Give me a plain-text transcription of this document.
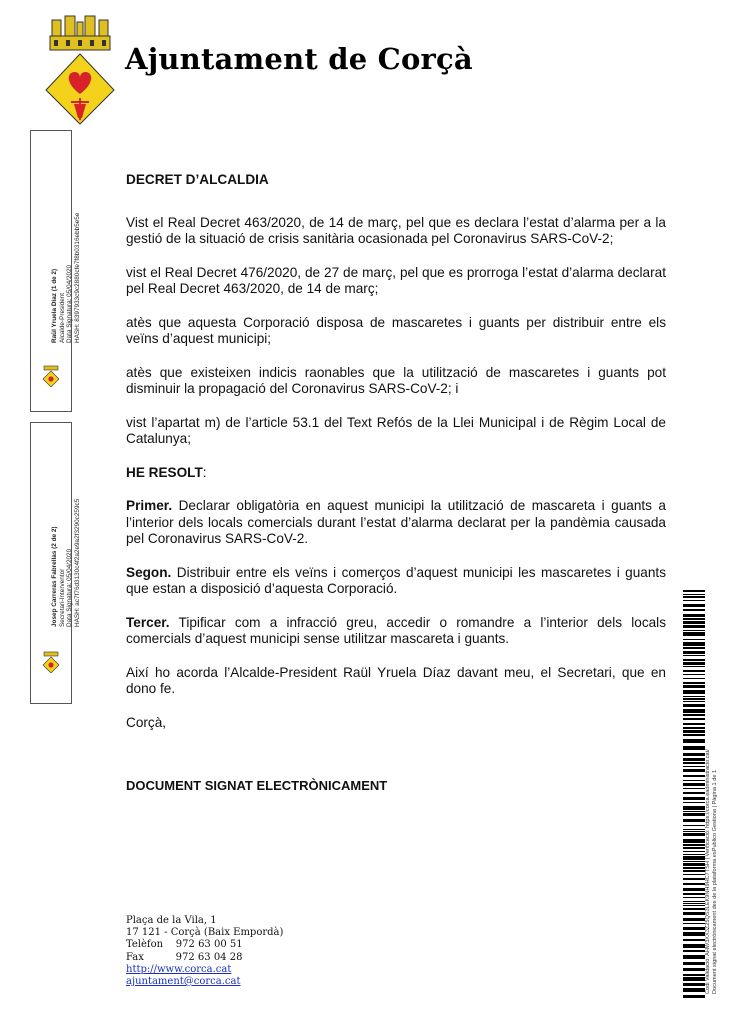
Ajuntament de Corçà
Raül Yruela Díaz (1 de 2) Alcalde-President Data Signatura: 05/04/2020 HASH: 8397933c9c2880cfe7f8b0316ebb5e5e
Josep Carreras Fabrellas (2 de 2) Secretari-Interventor Data Signatura: 05/04/2020 HASH: ac7f76d3130c4f2a2e9a2f3290c259c5
DECRET D’ALCALDIA

Vist el Real Decret 463/2020, de 14 de març, pel que es declara l’estat d’alarma per a la gestió de la situació de crisis sanitària ocasionada pel Coronavirus SARS-CoV-2;

vist el Real Decret 476/2020, de 27 de març, pel que es prorroga l’estat d’alarma declarat pel Real Decret 463/2020, de 14 de març;

atès que aquesta Corporació disposa de mascaretes i guants per distribuir entre els veïns d’aquest municipi;

atès que existeixen indicis raonables que la utilització de mascaretes i guants pot disminuir la propagació del Coronavirus SARS-CoV-2; i

vist l’apartat m) de l’article 53.1 del Text Refós de la Llei Municipal i de Règim Local de Catalunya;

HE RESOLT:

Primer. Declarar obligatòria en aquest municipi la utilització de mascareta i guants a l’interior dels locals comercials durant l’estat d’alarma declarat per la pandèmia causada pel Coronavirus SARS-CoV-2.

Segon. Distribuir entre els veïns i comerços d’aquest municipi les mascaretes i guants que estan a disposició d’aquesta Corporació.

Tercer. Tipificar com a infracció greu, accedir o romandre a l’interior dels locals comercials d’aquest municipi sense utilitzar mascareta i guants.

Així ho acorda l’Alcalde-President Raül Yruela Díaz davant meu, el Secretari, que en dono fe.

Corçà,

DOCUMENT SIGNAT ELECTRÒNICAMENT
Plaça de la Vila, 1
17 121 - Corçà (Baix Empordà)
Telèfon    972 63 00 51
Fax          972 63 04 28
http://www.corca.cat
ajuntament@corca.cat	Codi Validació: AHW3XX3Z25QS3LEK9NH9HC7TSH | Verificació: https://corca.eadministracio.cat/ Document signat electrònicament des de la plataforma esPublico Gestiona | Pàgina 1 de 1
